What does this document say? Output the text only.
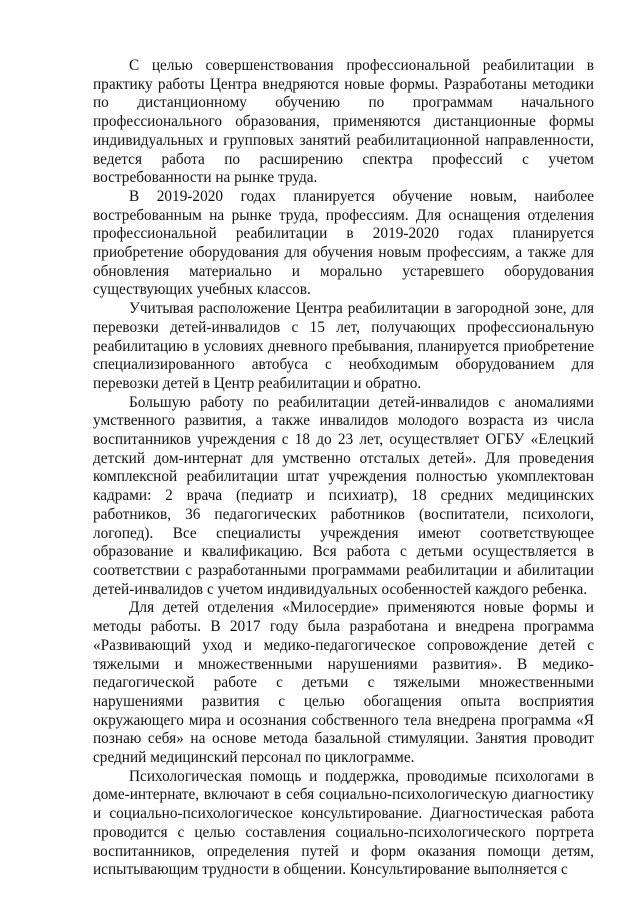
С целью совершенствования профессиональной реабилитации в практику работы Центра внедряются новые формы. Разработаны методики по дистанционному обучению по программам начального профессионального образования, применяются дистанционные формы индивидуальных и групповых занятий реабилитационной направленности, ведется работа по расширению спектра профессий с учетом востребованности на рынке труда.

В 2019-2020 годах планируется обучение новым, наиболее востребованным на рынке труда, профессиям. Для оснащения отделения профессиональной реабилитации в 2019-2020 годах планируется приобретение оборудования для обучения новым профессиям, а также для обновления материально и морально устаревшего оборудования существующих учебных классов.

Учитывая расположение Центра реабилитации в загородной зоне, для перевозки детей-инвалидов с 15 лет, получающих профессиональную реабилитацию в условиях дневного пребывания, планируется приобретение специализированного автобуса с необходимым оборудованием для перевозки детей в Центр реабилитации и обратно.

Большую работу по реабилитации детей-инвалидов с аномалиями умственного развития, а также инвалидов молодого возраста из числа воспитанников учреждения с 18 до 23 лет, осуществляет ОГБУ «Елецкий детский дом-интернат для умственно отсталых детей». Для проведения комплексной реабилитации штат учреждения полностью укомплектован кадрами: 2 врача (педиатр и психиатр), 18 средних медицинских работников, 36 педагогических работников (воспитатели, психологи, логопед). Все специалисты учреждения имеют соответствующее образование и квалификацию. Вся работа с детьми осуществляется в соответствии с разработанными программами реабилитации и абилитации детей-инвалидов с учетом индивидуальных особенностей каждого ребенка.

Для детей отделения «Милосердие» применяются новые формы и методы работы. В 2017 году была разработана и внедрена программа «Развивающий уход и медико-педагогическое сопровождение детей с тяжелыми и множественными нарушениями развития». В медико-педагогической работе с детьми с тяжелыми множественными нарушениями развития с целью обогащения опыта восприятия окружающего мира и осознания собственного тела внедрена программа «Я познаю себя» на основе метода базальной стимуляции. Занятия проводит средний медицинский персонал по циклограмме.

Психологическая помощь и поддержка, проводимые психологами в доме-интернате, включают в себя социально-психологическую диагностику и социально-психологическое консультирование. Диагностическая работа проводится с целью составления социально-психологического портрета воспитанников, определения путей и форм оказания помощи детям, испытывающим трудности в общении. Консультирование выполняется с
